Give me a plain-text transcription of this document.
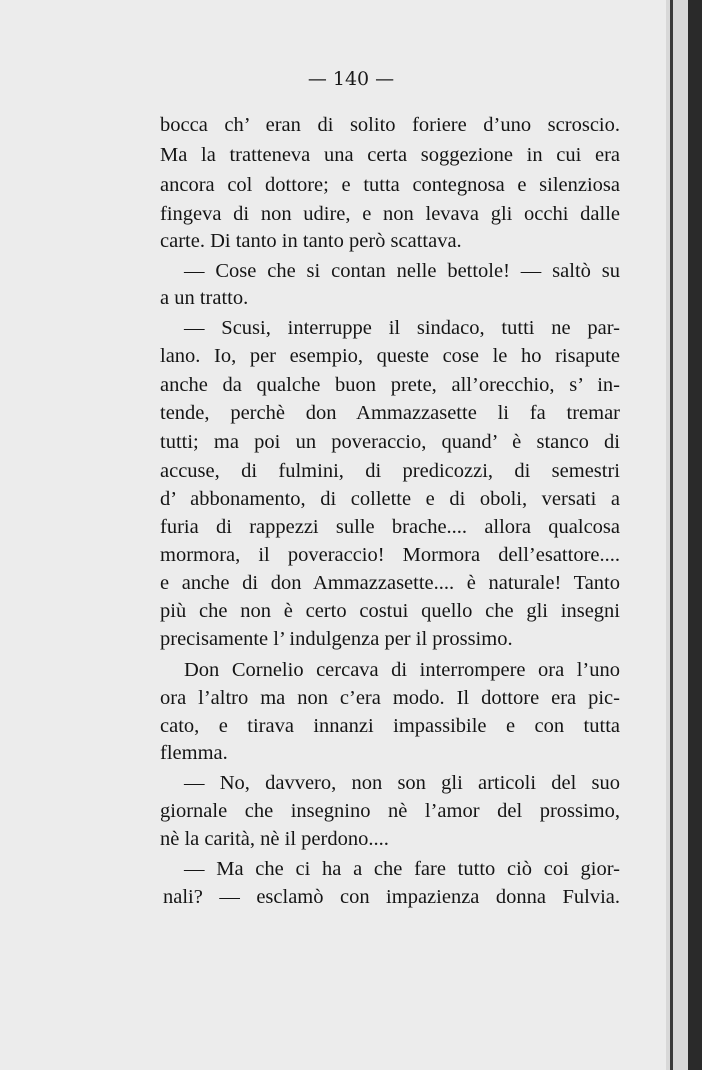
— 140 —
bocca ch’ eran di solito foriere d’uno scroscio.
Ma la tratteneva una certa soggezione in cui era
ancora col dottore; e tutta contegnosa e silenziosa
fingeva di non udire, e non levava gli occhi dalle
carte. Di tanto in tanto però scattava.
— Cose che si contan nelle bettole! — saltò su
a un tratto.
— Scusi, interruppe il sindaco, tutti ne par-
lano. Io, per esempio, queste cose le ho risapute
anche da qualche buon prete, all’orecchio, s’ in-
tende, perchè don Ammazzasette li fa tremar
tutti; ma poi un poveraccio, quand’ è stanco di
accuse, di fulmini, di predicozzi, di semestri
d’ abbonamento, di collette e di oboli, versati a
furia di rappezzi sulle brache.... allora qualcosa
mormora, il poveraccio! Mormora dell’esattore....
e anche di don Ammazzasette.... è naturale! Tanto
più che non è certo costui quello che gli insegni
precisamente l’ indulgenza per il prossimo.
Don Cornelio cercava di interrompere ora l’uno
ora l’altro ma non c’era modo. Il dottore era pic-
cato, e tirava innanzi impassibile e con tutta
flemma.
— No, davvero, non son gli articoli del suo
giornale che insegnino nè l’amor del prossimo,
nè la carità, nè il perdono....
— Ma che ci ha a che fare tutto ciò coi gior-
nali? — esclamò con impazienza donna Fulvia.
